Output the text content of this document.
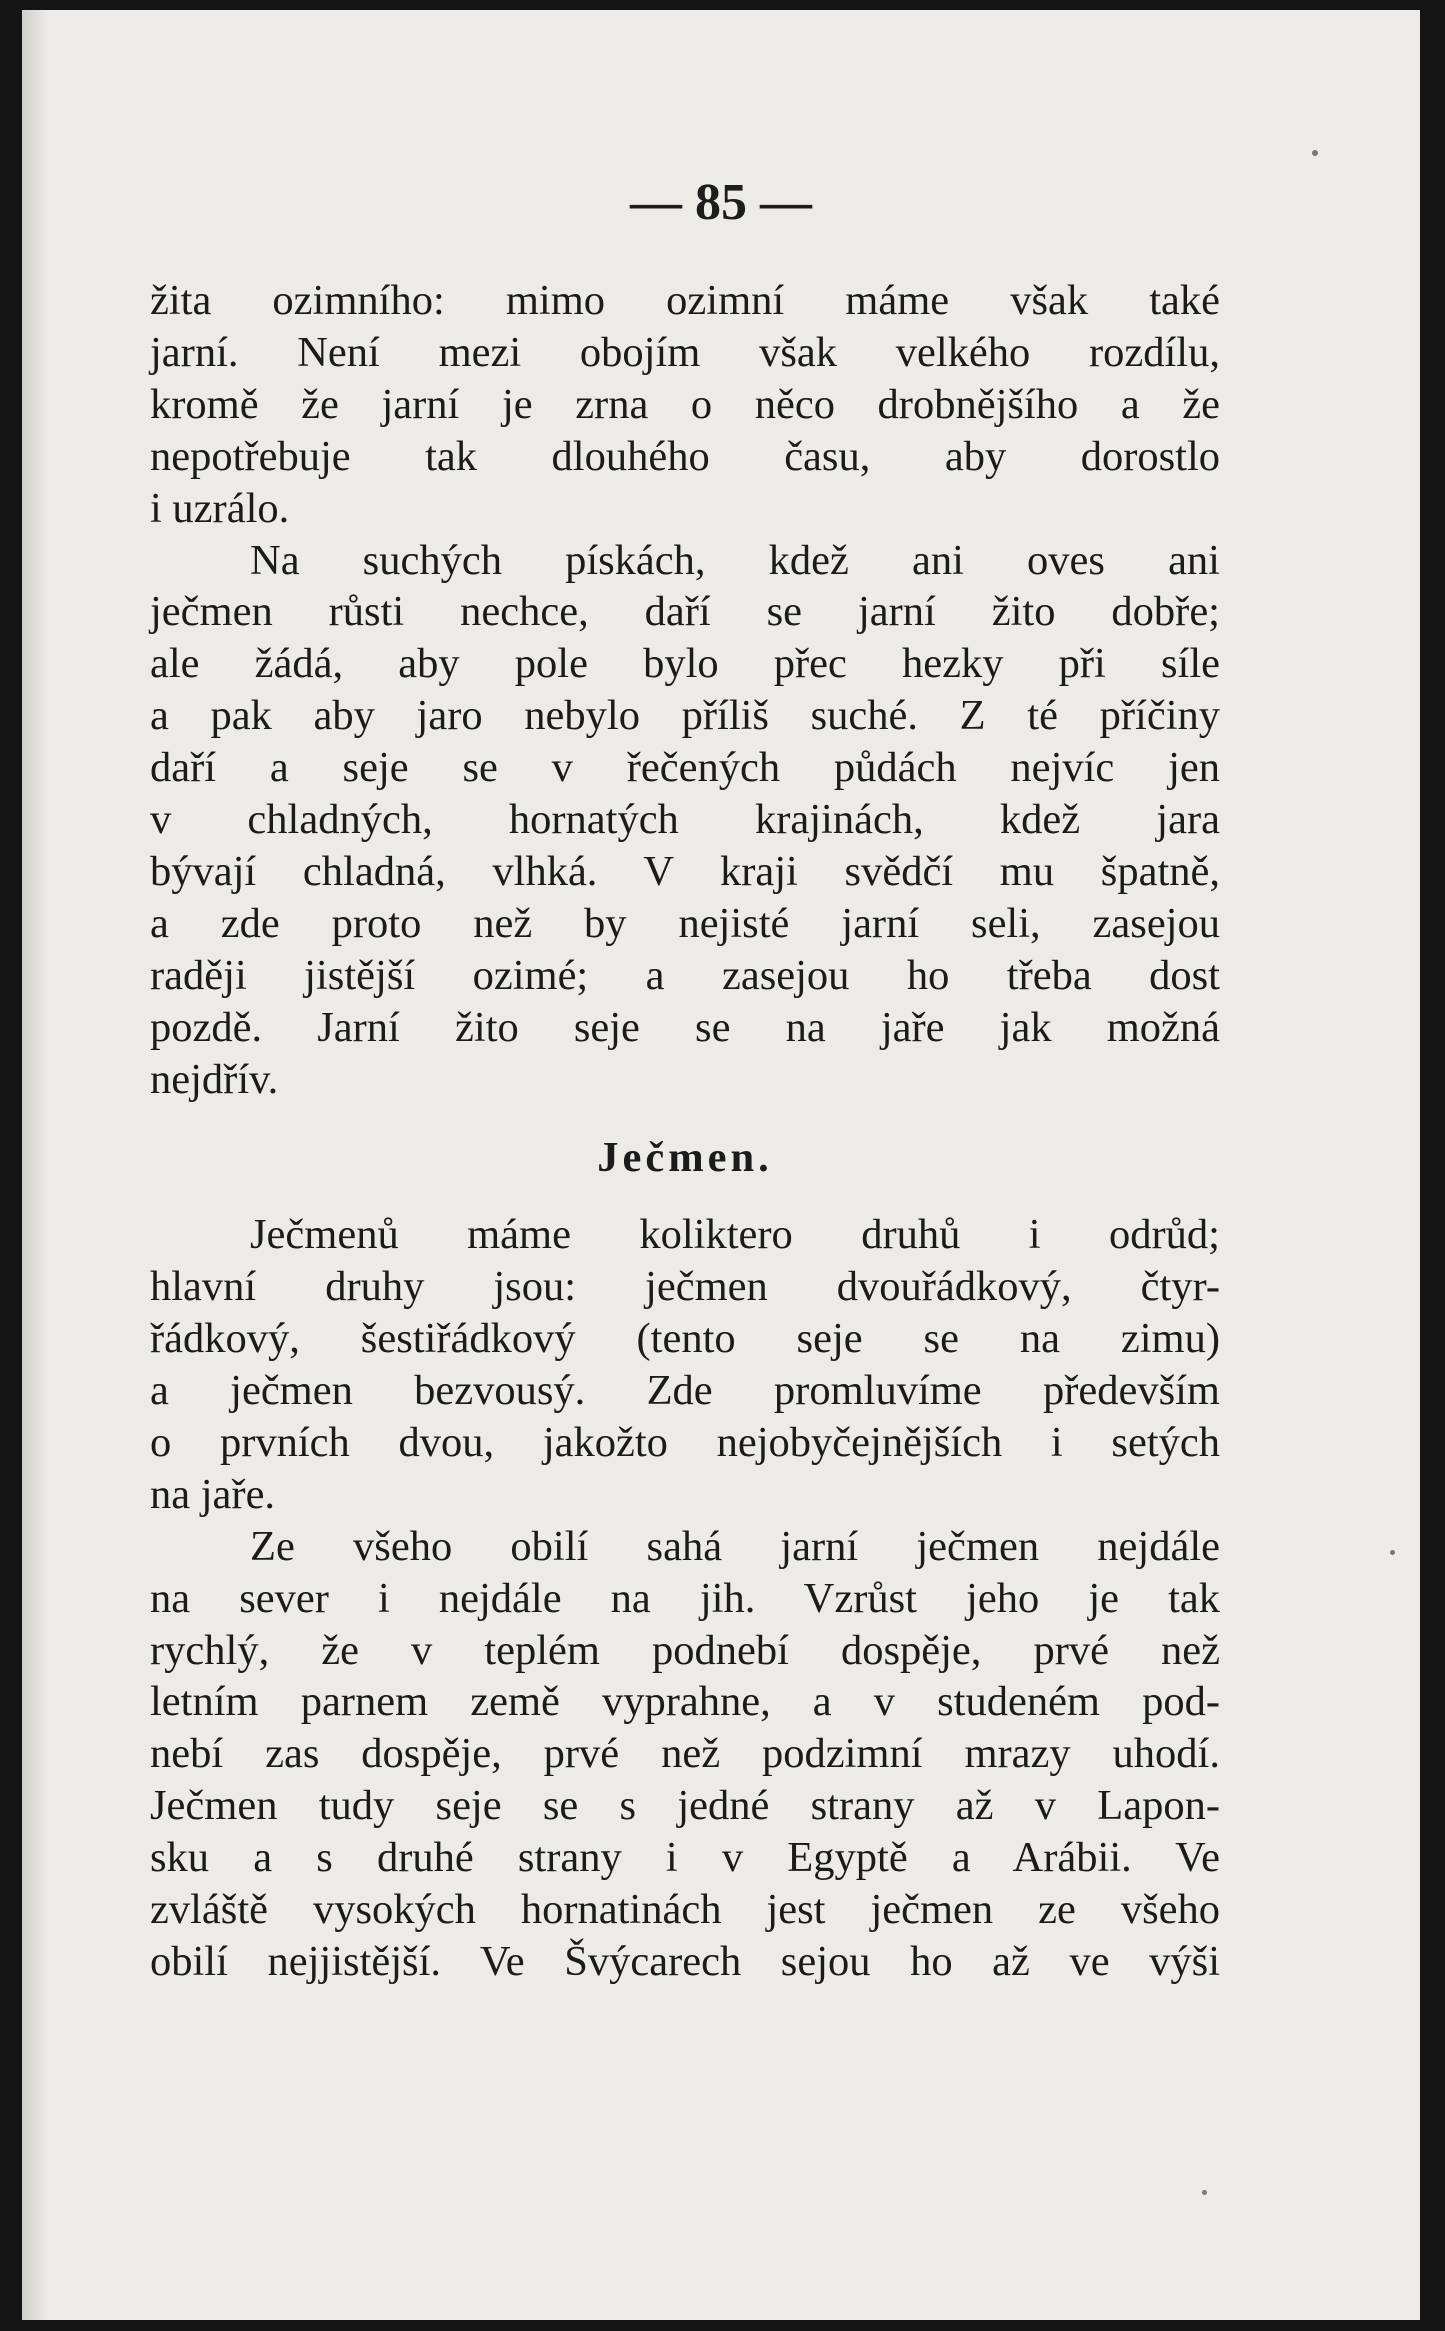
— 85 —

žita ozimního: mimo ozimní máme však také
jarní. Není mezi obojím však velkého rozdílu,
kromě že jarní je zrna o něco drobnějšího a že
nepotřebuje tak dlouhého času, aby dorostlo
i uzrálo.

Na suchých pískách, kdež ani oves ani
ječmen růsti nechce, daří se jarní žito dobře;
ale žádá, aby pole bylo přec hezky při síle
a pak aby jaro nebylo příliš suché. Z té příčiny
daří a seje se v řečených půdách nejvíc jen
v chladných, hornatých krajinách, kdež jara
bývají chladná, vlhká. V kraji svědčí mu špatně,
a zde proto než by nejisté jarní seli, zasejou
raději jistější ozimé; a zasejou ho třeba dost
pozdě. Jarní žito seje se na jaře jak možná
nejdřív.

Ječmen.

Ječmenů máme koliktero druhů i odrůd;
hlavní druhy jsou: ječmen dvouřádkový, čtyr-
řádkový, šestiřádkový (tento seje se na zimu)
a ječmen bezvousý. Zde promluvíme především
o prvních dvou, jakožto nejobyčejnějších i setých
na jaře.

Ze všeho obilí sahá jarní ječmen nejdále
na sever i nejdále na jih. Vzrůst jeho je tak
rychlý, že v teplém podnebí dospěje, prvé než
letním parnem země vyprahne, a v studeném pod-
nebí zas dospěje, prvé než podzimní mrazy uhodí.
Ječmen tudy seje se s jedné strany až v Lapon-
sku a s druhé strany i v Egyptě a Arábii. Ve
zvláště vysokých hornatinách jest ječmen ze všeho
obilí nejjistější. Ve Švýcarech sejou ho až ve výši
